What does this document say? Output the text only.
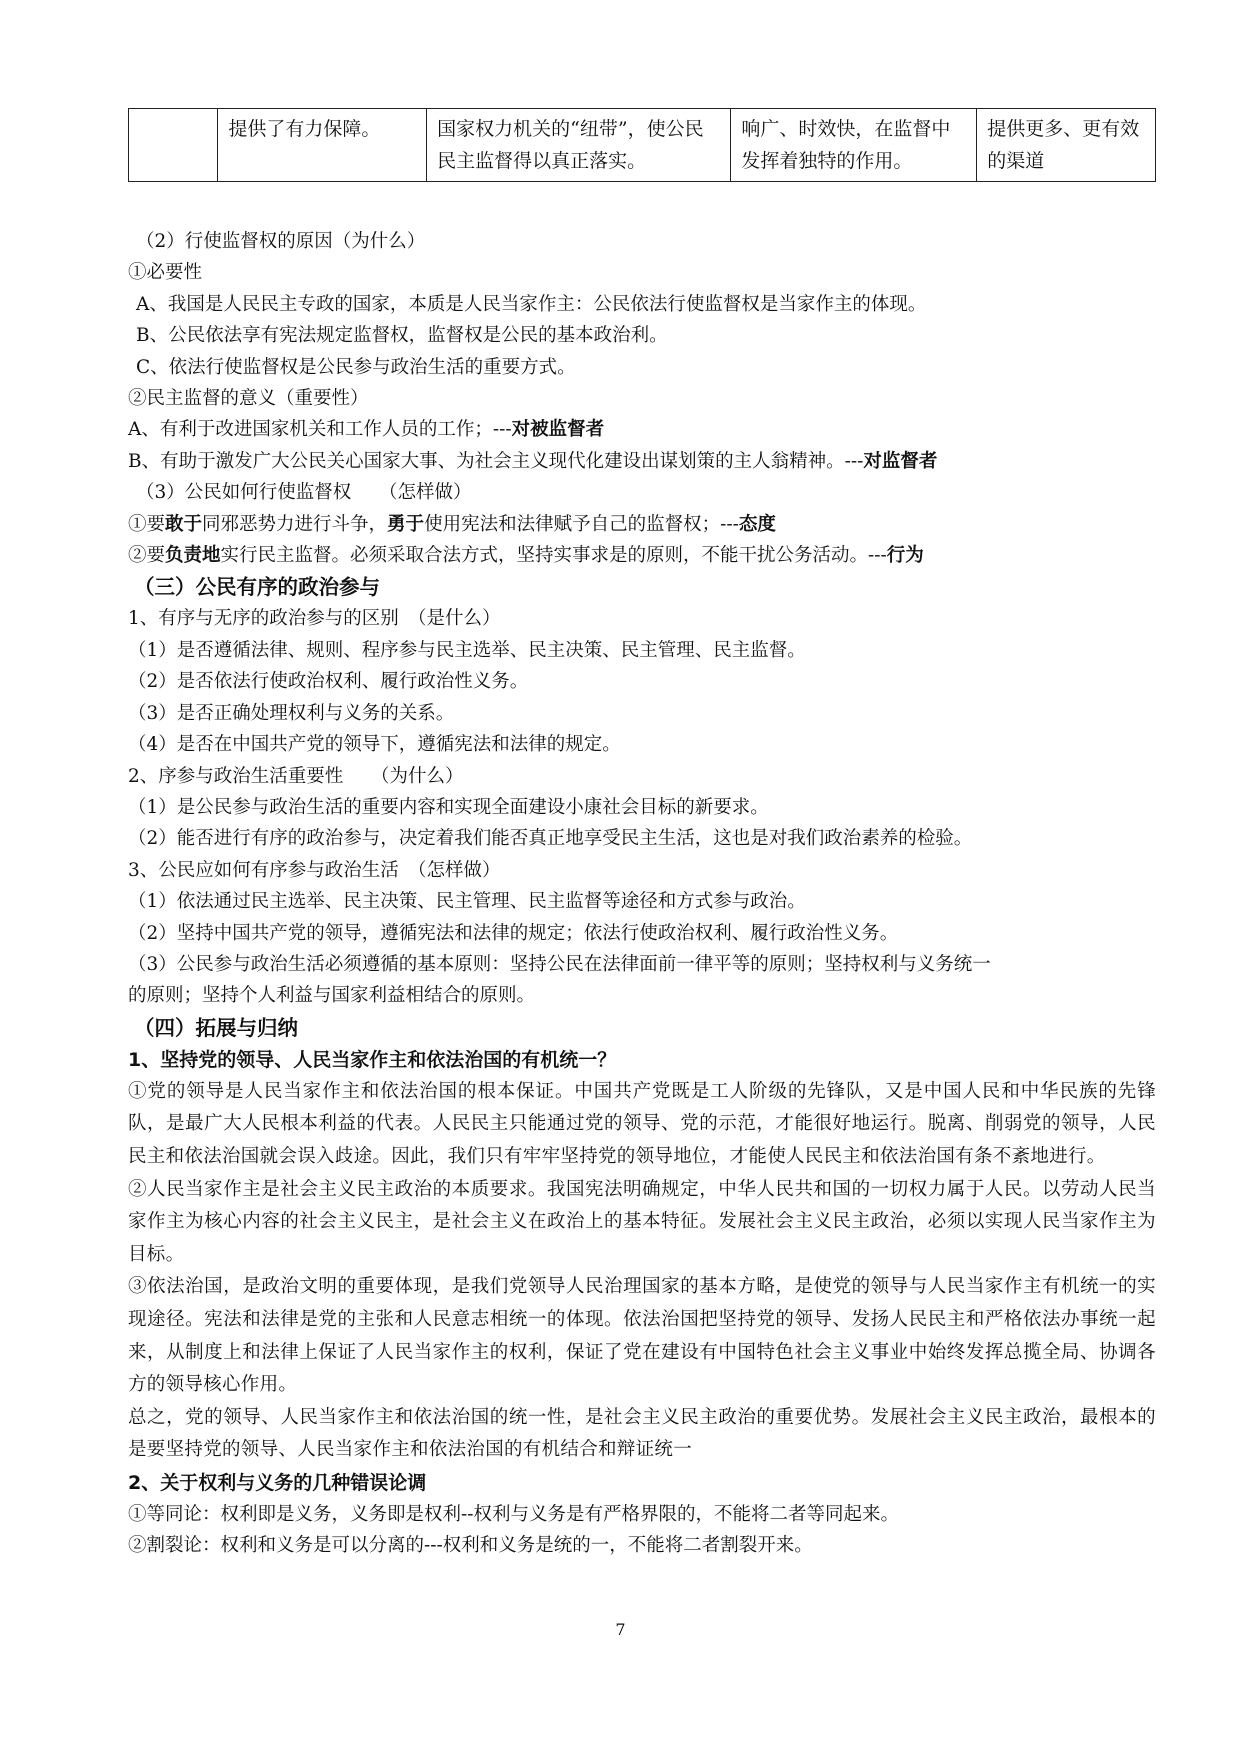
	提供了有力保障。	国家权力机关的“纽带”，使公民民主监督得以真正落实。	响广、时效快，在监督中发挥着独特的作用。	提供更多、更有效的渠道
（2）行使监督权的原因（为什么）
①必要性
A、我国是人民民主专政的国家，本质是人民当家作主：公民依法行使监督权是当家作主的体现。
B、公民依法享有宪法规定监督权，监督权是公民的基本政治利。
C、依法行使监督权是公民参与政治生活的重要方式。
②民主监督的意义（重要性）
A、有利于改进国家机关和工作人员的工作；---对被监督者
B、有助于激发广大公民关心国家大事、为社会主义现代化建设出谋划策的主人翁精神。---对监督者
（3）公民如何行使监督权　　（怎样做）
①要敢于同邪恶势力进行斗争，勇于使用宪法和法律赋予自己的监督权；---态度
②要负责地实行民主监督。必须采取合法方式，坚持实事求是的原则，不能干扰公务活动。---行为
（三）公民有序的政治参与
1、有序与无序的政治参与的区别　（是什么）
（1）是否遵循法律、规则、程序参与民主选举、民主决策、民主管理、民主监督。
（2）是否依法行使政治权利、履行政治性义务。
（3）是否正确处理权利与义务的关系。
（4）是否在中国共产党的领导下，遵循宪法和法律的规定。
2、序参与政治生活重要性　　（为什么）
（1）是公民参与政治生活的重要内容和实现全面建设小康社会目标的新要求。
（2）能否进行有序的政治参与，决定着我们能否真正地享受民主生活，这也是对我们政治素养的检验。
3、公民应如何有序参与政治生活　（怎样做）
（1）依法通过民主选举、民主决策、民主管理、民主监督等途径和方式参与政治。
（2）坚持中国共产党的领导，遵循宪法和法律的规定；依法行使政治权利、履行政治性义务。
（3）公民参与政治生活必须遵循的基本原则：坚持公民在法律面前一律平等的原则；坚持权利与义务统一
的原则；坚持个人利益与国家利益相结合的原则。
（四）拓展与归纳
1、坚持党的领导、人民当家作主和依法治国的有机统一？
①党的领导是人民当家作主和依法治国的根本保证。中国共产党既是工人阶级的先锋队，又是中国人民和中华民族的先锋队，是最广大人民根本利益的代表。人民民主只能通过党的领导、党的示范，才能很好地运行。脱离、削弱党的领导，人民民主和依法治国就会误入歧途。因此，我们只有牢牢坚持党的领导地位，才能使人民民主和依法治国有条不紊地进行。
②人民当家作主是社会主义民主政治的本质要求。我国宪法明确规定，中华人民共和国的一切权力属于人民。以劳动人民当家作主为核心内容的社会主义民主，是社会主义在政治上的基本特征。发展社会主义民主政治，必须以实现人民当家作主为目标。
③依法治国，是政治文明的重要体现，是我们党领导人民治理国家的基本方略，是使党的领导与人民当家作主有机统一的实现途径。宪法和法律是党的主张和人民意志相统一的体现。依法治国把坚持党的领导、发扬人民民主和严格依法办事统一起来，从制度上和法律上保证了人民当家作主的权利，保证了党在建设有中国特色社会主义事业中始终发挥总揽全局、协调各方的领导核心作用。
总之，党的领导、人民当家作主和依法治国的统一性，是社会主义民主政治的重要优势。发展社会主义民主政治，最根本的是要坚持党的领导、人民当家作主和依法治国的有机结合和辩证统一
2、关于权利与义务的几种错误论调
①等同论：权利即是义务，义务即是权利--权利与义务是有严格界限的，不能将二者等同起来。
②割裂论：权利和义务是可以分离的---权利和义务是统的一，不能将二者割裂开来。
7
